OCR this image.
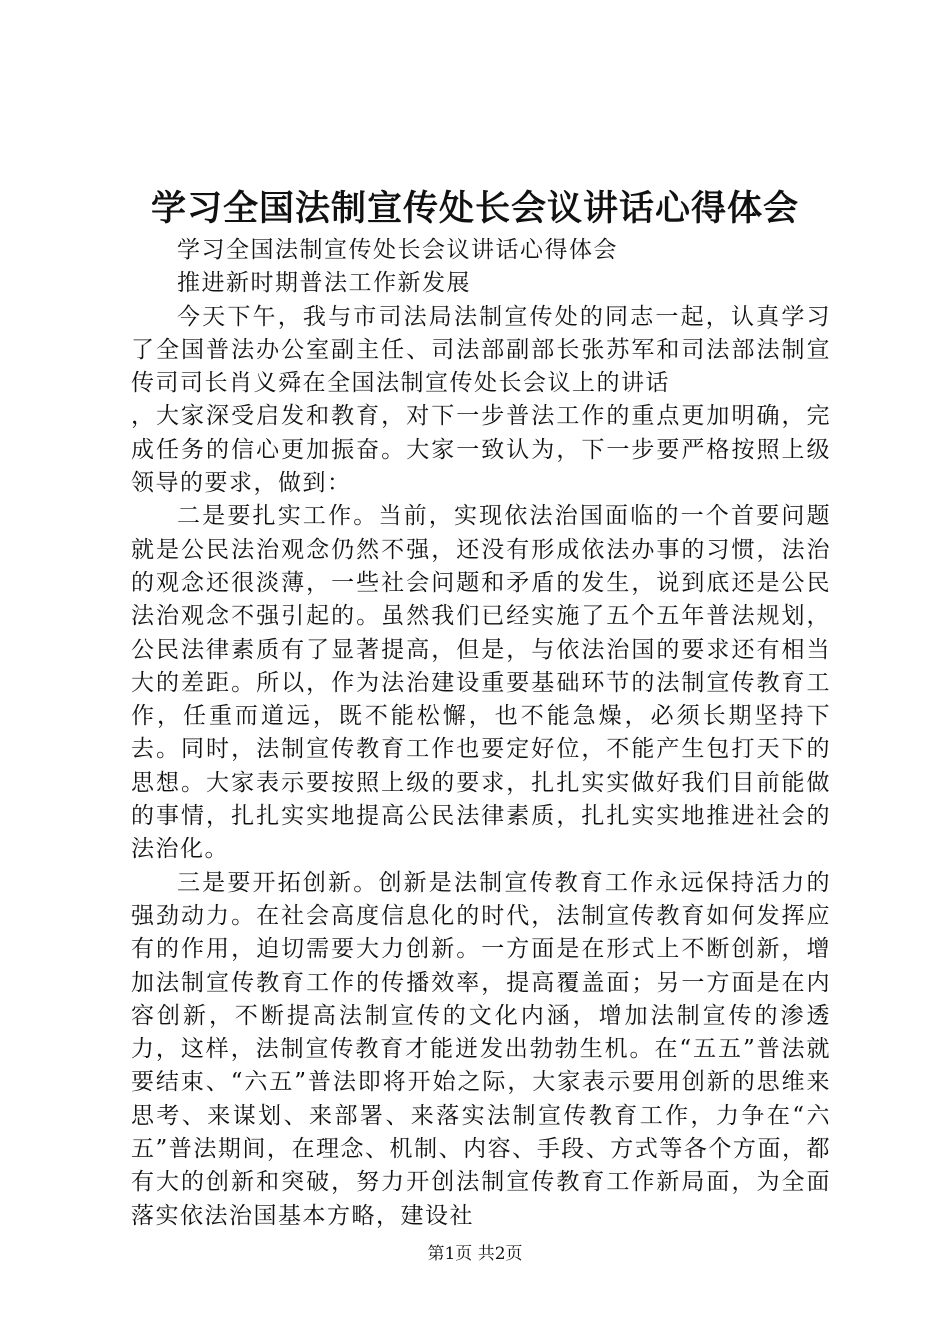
学习全国法制宣传处长会议讲话心得体会

学习全国法制宣传处长会议讲话心得体会

推进新时期普法工作新发展

今天下午，我与市司法局法制宣传处的同志一起，认真学习了全国普法办公室副主任、司法部副部长张苏军和司法部法制宣传司司长肖义舜在全国法制宣传处长会议上的讲话

，大家深受启发和教育，对下一步普法工作的重点更加明确，完成任务的信心更加振奋。大家一致认为，下一步要严格按照上级领导的要求，做到：

二是要扎实工作。当前，实现依法治国面临的一个首要问题就是公民法治观念仍然不强，还没有形成依法办事的习惯，法治的观念还很淡薄，一些社会问题和矛盾的发生，说到底还是公民法治观念不强引起的。虽然我们已经实施了五个五年普法规划，公民法律素质有了显著提高，但是，与依法治国的要求还有相当大的差距。所以，作为法治建设重要基础环节的法制宣传教育工作，任重而道远，既不能松懈，也不能急燥，必须长期坚持下去。同时，法制宣传教育工作也要定好位，不能产生包打天下的思想。大家表示要按照上级的要求，扎扎实实做好我们目前能做的事情，扎扎实实地提高公民法律素质，扎扎实实地推进社会的法治化。

三是要开拓创新。创新是法制宣传教育工作永远保持活力的强劲动力。在社会高度信息化的时代，法制宣传教育如何发挥应有的作用，迫切需要大力创新。一方面是在形式上不断创新，增加法制宣传教育工作的传播效率，提高覆盖面；另一方面是在内容创新，不断提高法制宣传的文化内涵，增加法制宣传的渗透力，这样，法制宣传教育才能迸发出勃勃生机。在“五五”普法就要结束、“六五”普法即将开始之际，大家表示要用创新的思维来思考、来谋划、来部署、来落实法制宣传教育工作，力争在“六五”普法期间，在理念、机制、内容、手段、方式等各个方面，都有大的创新和突破，努力开创法制宣传教育工作新局面，为全面落实依法治国基本方略，建设社

第1页 共2页
